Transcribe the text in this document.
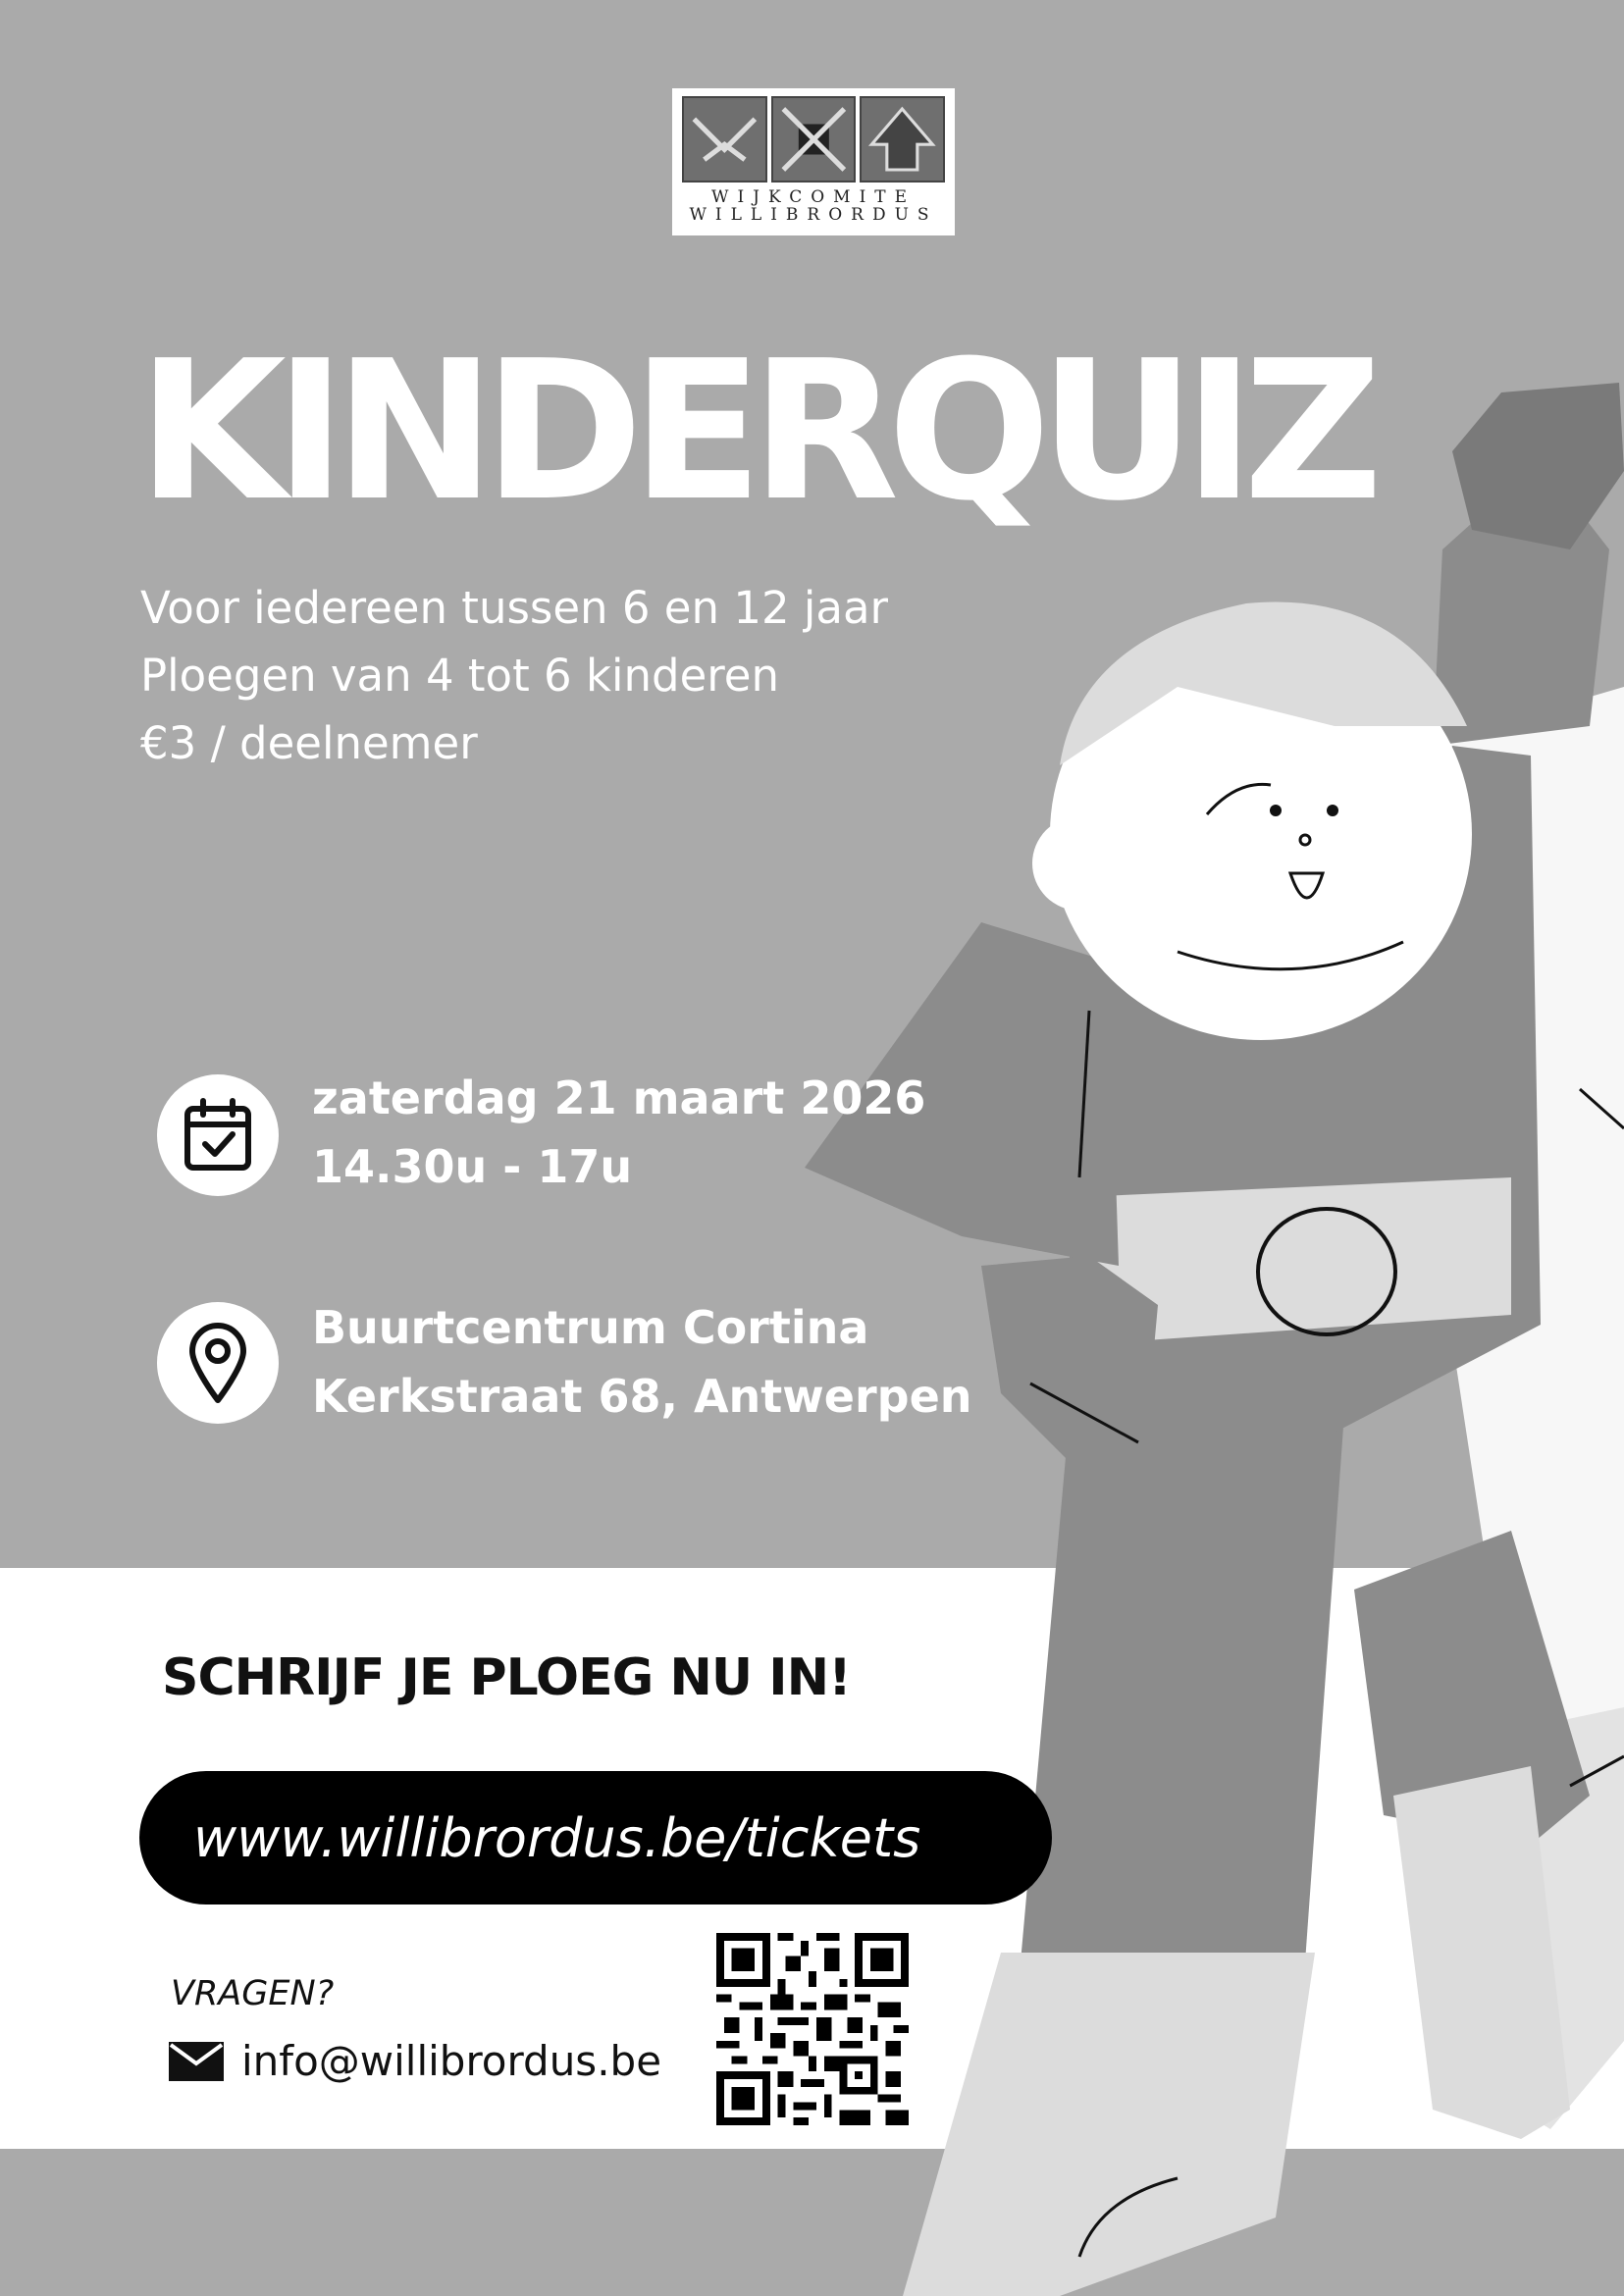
WIJKCOMITE
WILLIBRORDUS
KINDERQUIZ
Voor iedereen tussen 6 en 12 jaar
Ploegen van 4 tot 6 kinderen
€3 / deelnemer
zaterdag 21 maart 2026
14.30u - 17u
Buurtcentrum Cortina
Kerkstraat 68, Antwerpen
SCHRIJF JE PLOEG NU IN!
www.willibrordus.be/tickets
VRAGEN?
info@willibrordus.be
